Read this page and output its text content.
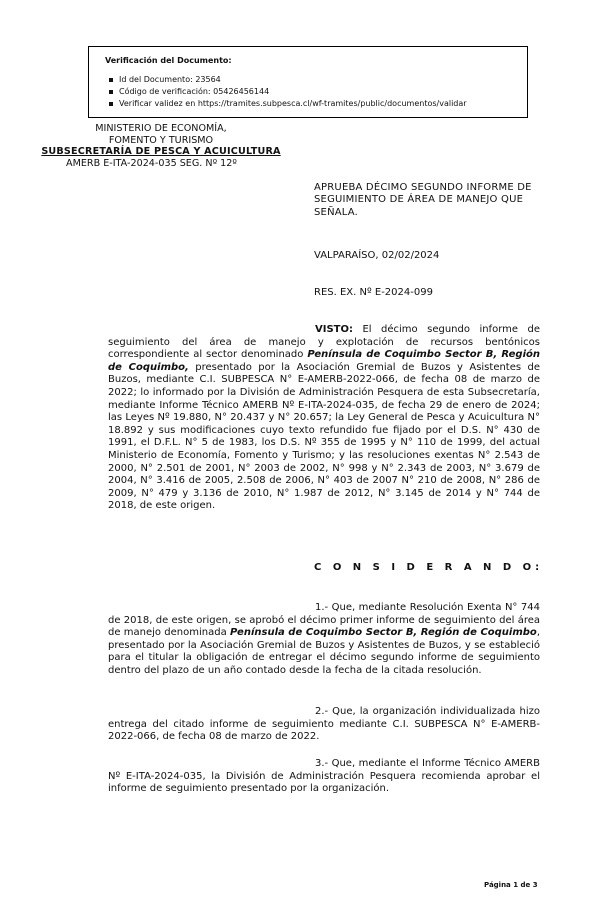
Verificación del Documento:
Id del Documento: 23564
Código de verificación: 05426456144
Verificar validez en https://tramites.subpesca.cl/wf-tramites/public/documentos/validar
MINISTERIO DE ECONOMÍA,
FOMENTO Y TURISMO
SUBSECRETARÍA DE PESCA Y ACUICULTURA
AMERB E-ITA-2024-035 SEG. Nº 12º
APRUEBA DÉCIMO SEGUNDO INFORME DE SEGUIMIENTO DE ÁREA DE MANEJO QUE SEÑALA.
VALPARAÍSO, 02/02/2024
RES. EX. Nº E-2024-099
VISTO: El décimo segundo informe de seguimiento del área de manejo y explotación de recursos bentónicos correspondiente al sector denominado Península de Coquimbo Sector B, Región de Coquimbo, presentado por la Asociación Gremial de Buzos y Asistentes de Buzos, mediante C.I. SUBPESCA N° E-AMERB-2022-066, de fecha 08 de marzo de 2022; lo informado por la División de Administración Pesquera de esta Subsecretaría, mediante Informe Técnico AMERB Nº E-ITA-2024-035, de fecha 29 de enero de 2024; las Leyes Nº 19.880, N° 20.437 y N° 20.657; la Ley General de Pesca y Acuicultura N° 18.892 y sus modificaciones cuyo texto refundido fue fijado por el D.S. N° 430 de 1991, el D.F.L. N° 5 de 1983, los D.S. Nº 355 de 1995 y N° 110 de 1999, del actual Ministerio de Economía, Fomento y Turismo; y las resoluciones exentas N° 2.543 de 2000, N° 2.501 de 2001, N° 2003 de 2002, N° 998 y N° 2.343 de 2003, N° 3.679 de 2004, N° 3.416 de 2005, 2.508 de 2006, N° 403 de 2007 N° 210 de 2008, N° 286 de 2009, N° 479 y 3.136 de 2010, N° 1.987 de 2012, N° 3.145 de 2014 y N° 744 de 2018, de este origen.
C O N S I D E R A N D O:
1.- Que, mediante Resolución Exenta N° 744 de 2018, de este origen, se aprobó el décimo primer informe de seguimiento del área de manejo denominada Península de Coquimbo Sector B, Región de Coquimbo, presentado por la Asociación Gremial de Buzos y Asistentes de Buzos, y se estableció para el titular la obligación de entregar el décimo segundo informe de seguimiento dentro del plazo de un año contado desde la fecha de la citada resolución.
2.- Que, la organización individualizada hizo entrega del citado informe de seguimiento mediante C.I. SUBPESCA N° E-AMERB-2022-066, de fecha 08 de marzo de 2022.
3.- Que, mediante el Informe Técnico AMERB Nº E-ITA-2024-035, la División de Administración Pesquera recomienda aprobar el informe de seguimiento presentado por la organización.
Página 1 de 3
